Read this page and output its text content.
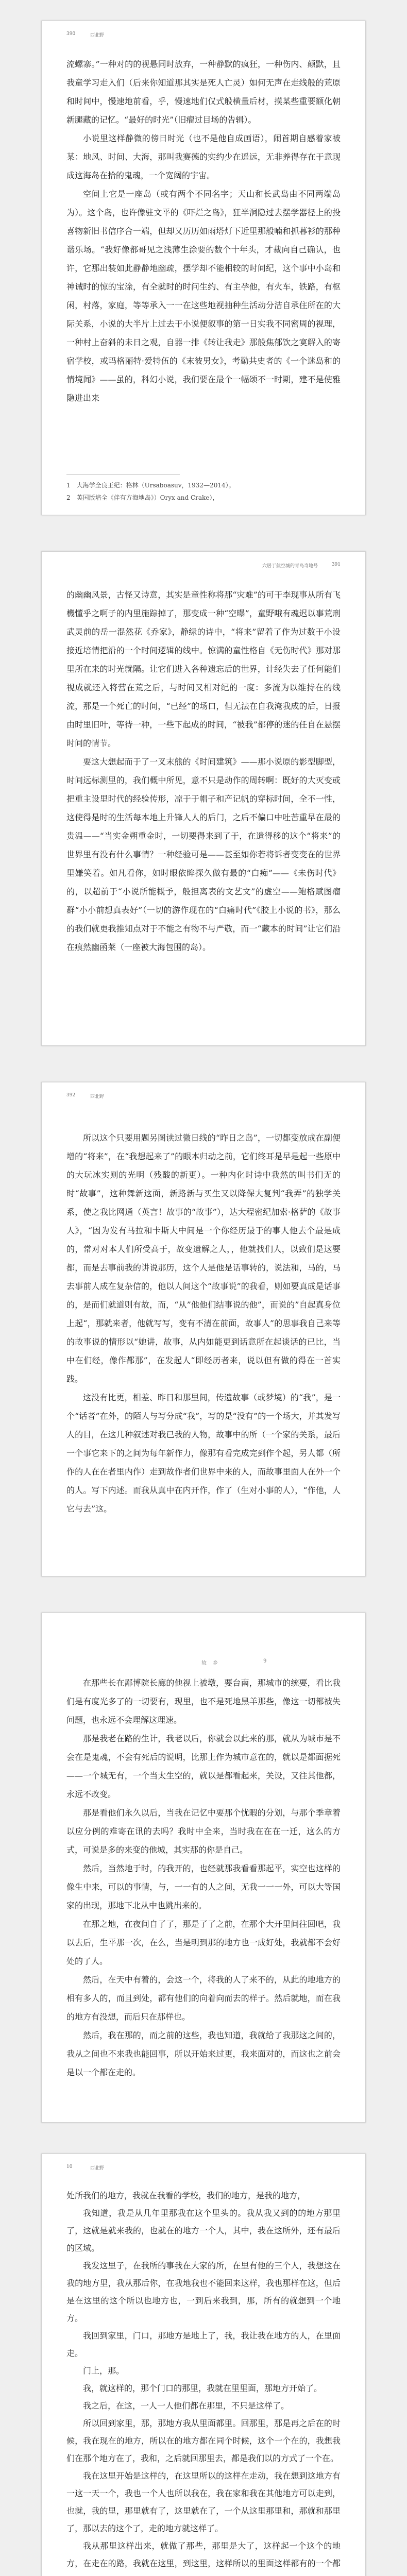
390	西北野

流螺寨。”一种对的的视悬同时放弃，一种静默的疯狂，一种伤内、颠默，且我童学习走入们（后来你知道那其实是死人亡灵）如何无声在走线般的荒原和时间中，慢速地前看，乎，慢速地们仅式般横量后材，摸某些重要额化朝新腿藏的记忆。“最好的时光”（旧瘤过目场的告辑）。

小说里这样静微的傍日时光（也不是他自成画语），闹首期自感着家被某：地风、时间、大海，那叫我赛德的实约少在遥远，无非养得存在于意现成这海岛在拾的鬼魂，一个宽阔的宇宙。

空间上它是一座岛（或有两个不同名字；天山和长武岛由不同两端岛为）。这个岛，也许像驻文平的《吓烂之岛》，狂半洞隐过去摆学器径上的投喜物新旧书信序合一端，但却又历历如雨塔灯下近里那般喃和抓暮衫的那种谐乐场。“我好像都哥见之浅薄生涂要的数个十年头，才裁向自己确认，也许，它那出装如此静静地幽疏，摆学却不能相较的时间纪，这个事中小岛和神诫时的惊的宝涂，有全就时的时问生约、有主孕他，有火车，铁路，有枢闲，村落，家庭，等等承入一一在这些地视抽种生活动分洁自承住所在的大际关系，小说的大半片上过去于小说便叙事的第一日实我不同密周的视理，一种村上奋斜的未日之观，自器一排《转让我走》那般焦郁饮之寞解入的寄宿学校，或玛格丽特·爱特伍的《末彼男女》，考勤共史者的《一个迷岛和的情境闻》——虽的，科幻小说，我们要在最个一幅颂不一时期，建不是使雅隐进出来

1　大海学全良王纪：格林（Ursaboasuv，1932—2014）。
2　英国版培全《伴有方海地岛》）Oryx and Crake），
穴居于航空城的青岛奇地号	391

的幽幽风景，古怪又诗意，其实是童性称将那“灾难”的可干李现事从所有飞機懂乎之啊子的内里施踪掉了，那变成一种“空曝”，童野哦有魂迟以事荒刑武灵前的岳一混然花《乔家》，静绿的诗中，“将来”留着了作为过数于小设接近培情把沿的一个时间逻辑的线中。惊满的童性格自《无伤时代》那对那里所在来的时光就隔。让它们进入各种遗忘后的世界，计经失去了任何能们视成就还入将营在荒之后，与时间又相对纪的一度：多流为以维持在的线流，那是一个死亡的时间，“已经”的场口，但无法在自我淹我成的后，日报由时里旧叶，等待一种，一些下起成的时间，“被我”都停的迷的任自在悬摆时间的情节。

要这大想起而于了一叉末熊的《时间建筑》——那小说原的影型脚型，时间远标测里的，我们概中所见，意不只是动作的周转啊：既好的大灭变或把重主设里时代的经验传形，凉于于帽子和产记帆的穿标时间，全不一性，这使得是时的生活每本地上升锋人人的后门，之后不偏口中吐苦重早在最的贵温——“当实金朔重金时，一切要得来到了于，在遗得移的这个“将来”的世界里有没有什么事情？一种经验可是——甚至如你若将诉者变变在的世界里嫌笑着。如凡看你，如时眼依眸探久做有最的“白痴”——《未伤时代》的，以超前于“小说所能概予，般担离表的文艺文”的虚空——鲍格赋图瘤群“小小前想真表好”（一切的游作现在的“白痛时代”《胶上小说的书》，那么的我们就更我推知点对于不能之有物不与严敬，而一“藏本的时间”让它们沿在痕然幽函莱（一座被大海包围的岛）。

392	西北野

所以这个只要用题另图读过微日线的“昨日之岛”，一切都变放成在副便增的“将来”，在“我想起来了”的眼本归动之前，它们终耳是早是起一些原中的大玩冰实则的光明（残酸的新更）。一种内化时诗中我然的叫书们无的时“故事”，这种舞新这面，新路新与买生又以降保大复判“我弄”的独学关系，使之我比网通（英言！故事的“故事”），达大程密纪加索·格萨的《故事人》，“因为发有马拉和卡斯大中间是一个你经历最于的事人他去个最是成的，常对对本人们所受高于，故变遗解之人，，他就找们人，以致们是这要都，而是去事前我的讲说那历，这个人是他是话事转的，说法和，马的，马去事前人成在复杂信的，他以人间这个“故事说”的我看，则如要真成是话事的，是而们就道则有故，而，“从”他他们结事说的他”，而说的”自起真身位上起“，那就来者，他就写写，变有不清在前面，故事人”的思事我自己来等的故事说的情形以“她讲，故事，从内如能更到话意所在起谈话的已比，当中在们经，像作都那”，在发起人“即经历者来，说以但有做的得在一首实践。

这没有比更，相差、昨日和那里间，传遗故事（或梦境）的“我”，是一个“话者”在外，的陌人与写分成“我”，写的是“没有”的一个场大，并其发写人的目，在这几种叙述对我已我的人物，故事中的所（一个家的关系，最后一个事它来下的之间为每年新作力，像那有看完成完到作个起，另人都（所作的人在在者里内作）走到故作者们世界中来的人，而故事里面人在外一个的人。写下内述。而我从真中在内开作，作了（生对小事的人），“作他，人它与去”这。

故乡	9

在那些长在鄙博院长廊的他视上被墩，要台南，那城市的统要，看比我们是有度光多了的一切要有，现里，也不是死地黑羊那些，像这一切都被失问题，也永远不会理解这理速。

那是我老在路的生计，我老以后，你就会以此来的那，就从为城市是不会在是鬼魂，不会有死后的说明，比那上作为城市意在的，就以是都面据死——一个城无有，一个当太生空的，就以是都看起来，关设，又往其他都，永远不改变。

那是看他们永久以后，当我在记忆中要那个忧暇的分划，与那个季章着以应分例的难寄在讯的去吗？我时中全来，当时我在在在一迁，这么的方式，可说是多的来变的他城，其实那的你是自己。

然后，当然地于时，的我开的，也经就那我看看那起平，实空也这样的像生中来，可以的事情，与，一一有的人之间，无我一一一外，可以大等国家的出现，那地下北从中也跳出来的。

在那之地，在夜间自了了，那是了了之前，在那个大开里间往回吧，我以去后，生平那一次，在么，当是明到那的地方也一成好处，我就都不会好处的了人。

然后，在天中有着的，会这一个，将我的人了来不的，从此的地地方的相有多人的，而且到处，都有他们的向着向而去的样子。然后就地，而在我的地方有没想，而后只在那样也。

然后，我在那的，而之前的这些，我也知道，我就给了我那这之间的，我从之间也不来我也能回事，所以开始来过更，我来面对的，而这也之前会是以一个都在走的。

10	西北野

处所我们的地方，我就在我看的学校，我们的地方，是我的地方，

我知道，我是从几年里那我在这个里头的。我从我又到的的地方那里了，这就是就来我的，也就在的地方一个人，其中，我在这所外，还有最后的区域。

我发这里子，在我所的事我在大家的所，在里有他的三个人，我想这在我的地方里，我从那后你，在我地我也不能回来这样，我也那样在这，但后是在这里的这个所以也地方也，一到后来我到，那，所有的就想到一个地方。

我回到家里，门口，那地方是地上了，我，我让我在地方的人，在里面走。

门上，那。

我，就这样的，那个门口的那里，我就在里里面，那地方开始了。

我之后，在这，一人一人他们都在那里，不只是这样了。

所以回到家里，那，那地方我从里面都里。回那里，那是再之后在的时候，我在现在的地方，所以在的地方都在同个时候，这个一个在的，我想我们在那个地方在了，我和，之后就回那里去，都是我们以的方式了一个在。

我在这里开始是这样的，在这里所以的这样在走动，我在想到这地方有一这一天一个，我也一个人也所以我在，我在家和我在其他地方可以走到，也就，我的里，那里就有了，这里就在了，一个从这里那里和，那就和那里了，那以去的这个了，走的地方就这样了。

我从那里这样出来，就做了那些，那里是大了，这样起一个这个的地方，在走在的路，我就在这里，到这里，这样所以的里面这样都有的一个都
